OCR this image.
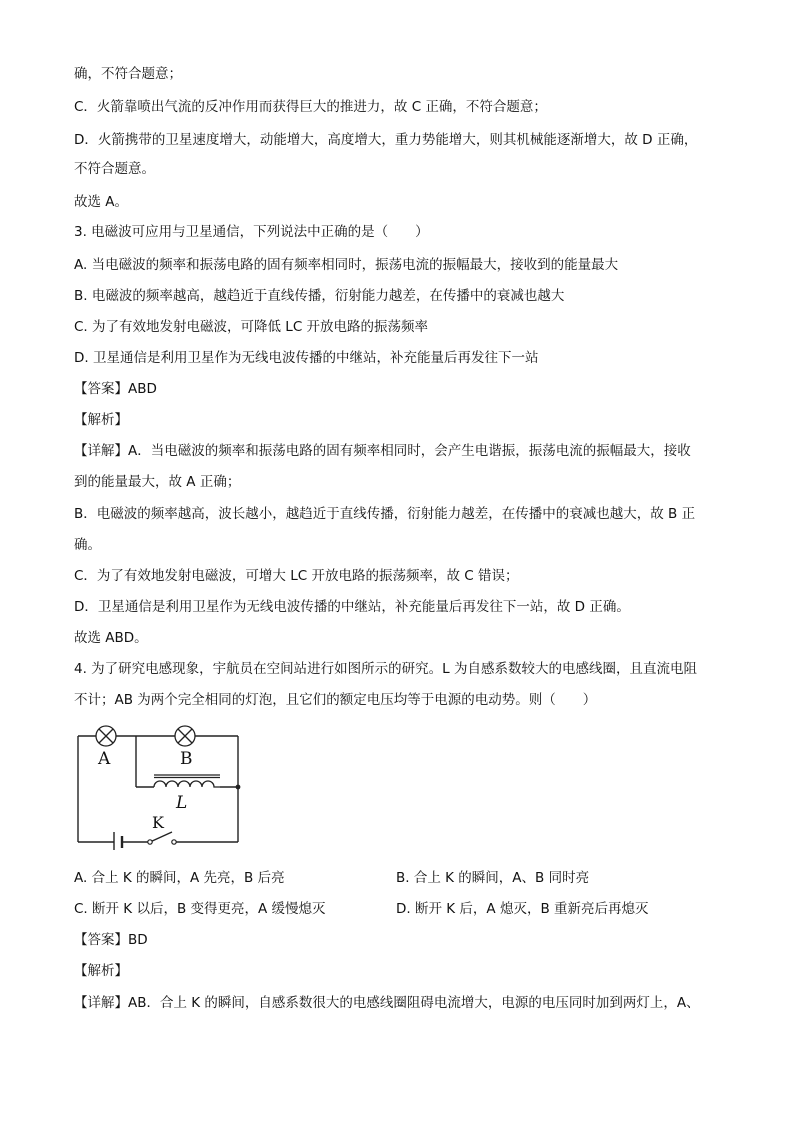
确，不符合题意；
C．火箭靠喷出气流的反冲作用而获得巨大的推进力，故 C 正确，不符合题意；
D．火箭携带的卫星速度增大，动能增大，高度增大，重力势能增大，则其机械能逐渐增大，故 D 正确，
不符合题意。
故选 A。
3. 电磁波可应用与卫星通信，下列说法中正确的是（　　）
A. 当电磁波的频率和振荡电路的固有频率相同时，振荡电流的振幅最大，接收到的能量最大
B. 电磁波的频率越高，越趋近于直线传播，衍射能力越差，在传播中的衰减也越大
C. 为了有效地发射电磁波，可降低 LC 开放电路的振荡频率
D. 卫星通信是利用卫星作为无线电波传播的中继站，补充能量后再发往下一站
【答案】ABD
【解析】
【详解】A．当电磁波的频率和振荡电路的固有频率相同时，会产生电谐振，振荡电流的振幅最大，接收
到的能量最大，故 A 正确；
B．电磁波的频率越高，波长越小，越趋近于直线传播，衍射能力越差，在传播中的衰减也越大，故 B 正
确。
C．为了有效地发射电磁波，可增大 LC 开放电路的振荡频率，故 C 错误；
D．卫星通信是利用卫星作为无线电波传播的中继站，补充能量后再发往下一站，故 D 正确。
故选 ABD。
4. 为了研究电感现象，宇航员在空间站进行如图所示的研究。L 为自感系数较大的电感线圈，且直流电阻
不计；AB 为两个完全相同的灯泡，且它们的额定电压均等于电源的电动势。则（　　）
A	B
L
K
A. 合上 K 的瞬间，A 先亮，B 后亮	B. 合上 K 的瞬间，A、B 同时亮
C. 断开 K 以后，B 变得更亮，A 缓慢熄灭	D. 断开 K 后，A 熄灭，B 重新亮后再熄灭
【答案】BD
【解析】
【详解】AB．合上 K 的瞬间，自感系数很大的电感线圈阻碍电流增大，电源的电压同时加到两灯上，A、
